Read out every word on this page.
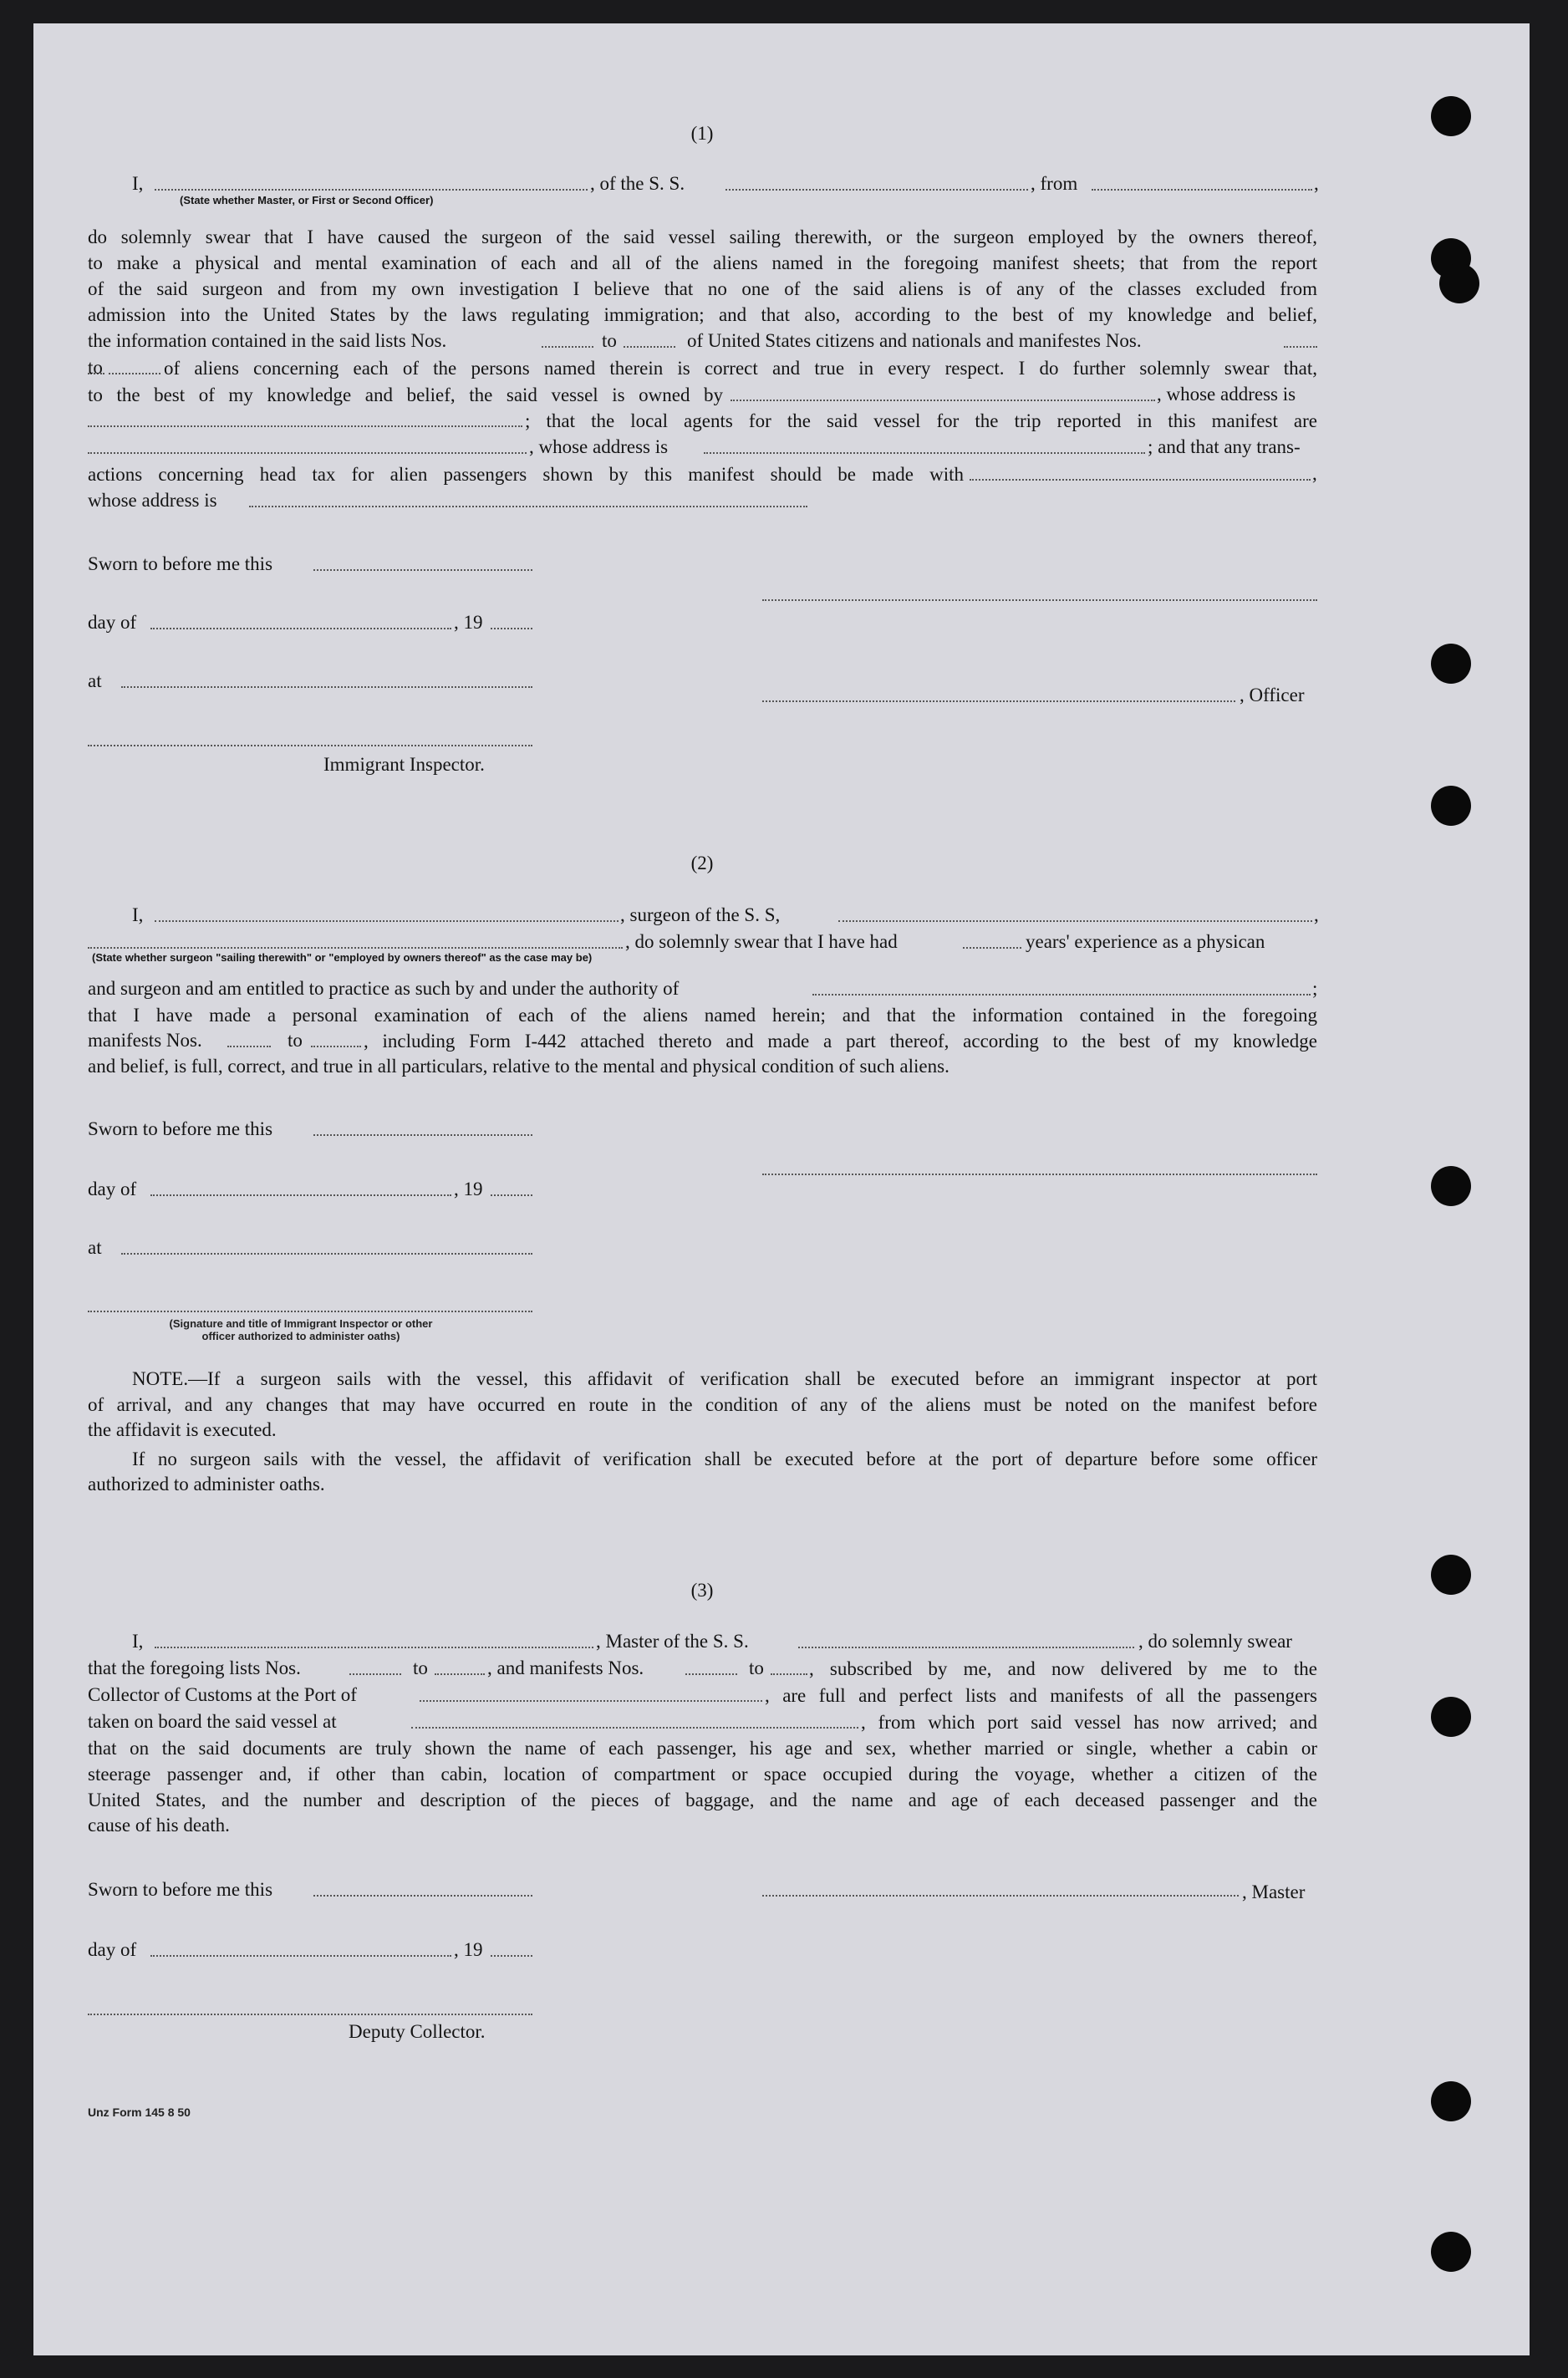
(1)
I,	, of the S. S.	, from	,
(State whether Master, or First or Second Officer)
do solemnly swear that I have caused the surgeon of the said vessel sailing therewith, or the surgeon employed by the owners thereof,
to make a physical and mental examination of each and all of the aliens named in the foregoing manifest sheets; that from the report
of the said surgeon and from my own investigation I believe that no one of the said aliens is of any of the classes excluded from
admission into the United States by the laws regulating immigration; and that also, according to the best of my knowledge and belief,
the information contained in the said lists Nos.	to	of United States citizens and nationals and manifestes Nos.
to	of aliens concerning each of the persons named therein is correct and true in every respect. I do further solemnly swear that,
to the best of my knowledge and belief, the said vessel is owned by	, whose address is
; that the local agents for the said vessel for the trip reported in this manifest are
, whose address is	; and that any trans-
actions concerning head tax for alien passengers shown by this manifest should be made with	,
whose address is
Sworn to before me this
day of	, 19
at
, Officer
Immigrant Inspector.
(2)
I,	, surgeon of the S. S,	,
, do solemnly swear that I have had	years' experience as a physican
(State whether surgeon "sailing therewith" or "employed by owners thereof" as the case may be)
and surgeon and am entitled to practice as such by and under the authority of	;
that I have made a personal examination of each of the aliens named herein; and that the information contained in the foregoing
manifests Nos.	to	, including Form I-442 attached thereto and made a part thereof, according to the best of my knowledge
and belief, is full, correct, and true in all particulars, relative to the mental and physical condition of such aliens.
Sworn to before me this
day of	, 19
at
(Signature and title of Immigrant Inspector or other
officer authorized to administer oaths)
NOTE.—If a surgeon sails with the vessel, this affidavit of verification shall be executed before an immigrant inspector at port
of arrival, and any changes that may have occurred en route in the condition of any of the aliens must be noted on the manifest before
the affidavit is executed.
If no surgeon sails with the vessel, the affidavit of verification shall be executed before at the port of departure before some officer
authorized to administer oaths.
(3)
I,	, Master of the S. S.	, do solemnly swear
that the foregoing lists Nos.	to	, and manifests Nos.	to , subscribed by me, and now delivered by me to the
Collector of Customs at the Port of	, are full and perfect lists and manifests of all the passengers
taken on board the said vessel at	, from which port said vessel has now arrived; and
that on the said documents are truly shown the name of each passenger, his age and sex, whether married or single, whether a cabin or
steerage passenger and, if other than cabin, location of compartment or space occupied during the voyage, whether a citizen of the
United States, and the number and description of the pieces of baggage, and the name and age of each deceased passenger and the
cause of his death.
Sworn to before me this	, Master
day of	, 19
Deputy Collector.
Unz Form 145 8 50
